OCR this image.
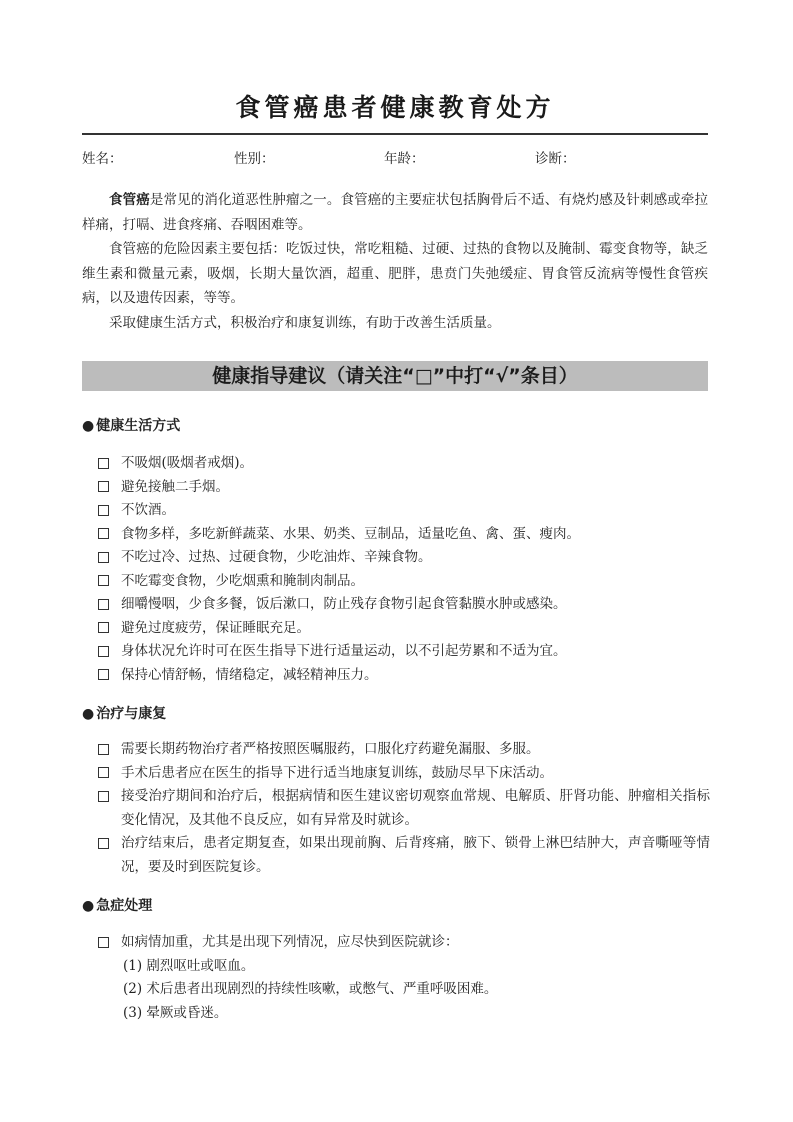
食管癌患者健康教育处方
姓名：	性别：	年龄：	诊断：

食管癌是常见的消化道恶性肿瘤之一。食管癌的主要症状包括胸骨后不适、有烧灼感及针刺感或牵拉样痛，打嗝、进食疼痛、吞咽困难等。

食管癌的危险因素主要包括：吃饭过快，常吃粗糙、过硬、过热的食物以及腌制、霉变食物等，缺乏维生素和微量元素，吸烟，长期大量饮酒，超重、肥胖，患贲门失弛缓症、胃食管反流病等慢性食管疾病，以及遗传因素，等等。

采取健康生活方式，积极治疗和康复训练，有助于改善生活质量。

健康指导建议（请关注“□”中打“√”条目）
● 健康生活方式
不吸烟(吸烟者戒烟)。
避免接触二手烟。
不饮酒。
食物多样，多吃新鲜蔬菜、水果、奶类、豆制品，适量吃鱼、禽、蛋、瘦肉。
不吃过冷、过热、过硬食物，少吃油炸、辛辣食物。
不吃霉变食物，少吃烟熏和腌制肉制品。
细嚼慢咽，少食多餐，饭后漱口，防止残存食物引起食管黏膜水肿或感染。
避免过度疲劳，保证睡眠充足。
身体状况允许时可在医生指导下进行适量运动，以不引起劳累和不适为宜。
保持心情舒畅，情绪稳定，减轻精神压力。
● 治疗与康复
需要长期药物治疗者严格按照医嘱服药，口服化疗药避免漏服、多服。
手术后患者应在医生的指导下进行适当地康复训练，鼓励尽早下床活动。
接受治疗期间和治疗后，根据病情和医生建议密切观察血常规、电解质、肝肾功能、肿瘤相关指标变化情况，及其他不良反应，如有异常及时就诊。
治疗结束后，患者定期复查，如果出现前胸、后背疼痛，腋下、锁骨上淋巴结肿大，声音嘶哑等情况，要及时到医院复诊。
● 急症处理
如病情加重，尤其是出现下列情况，应尽快到医院就诊：
(1) 剧烈呕吐或呕血。
(2) 术后患者出现剧烈的持续性咳嗽，或憋气、严重呼吸困难。
(3) 晕厥或昏迷。
